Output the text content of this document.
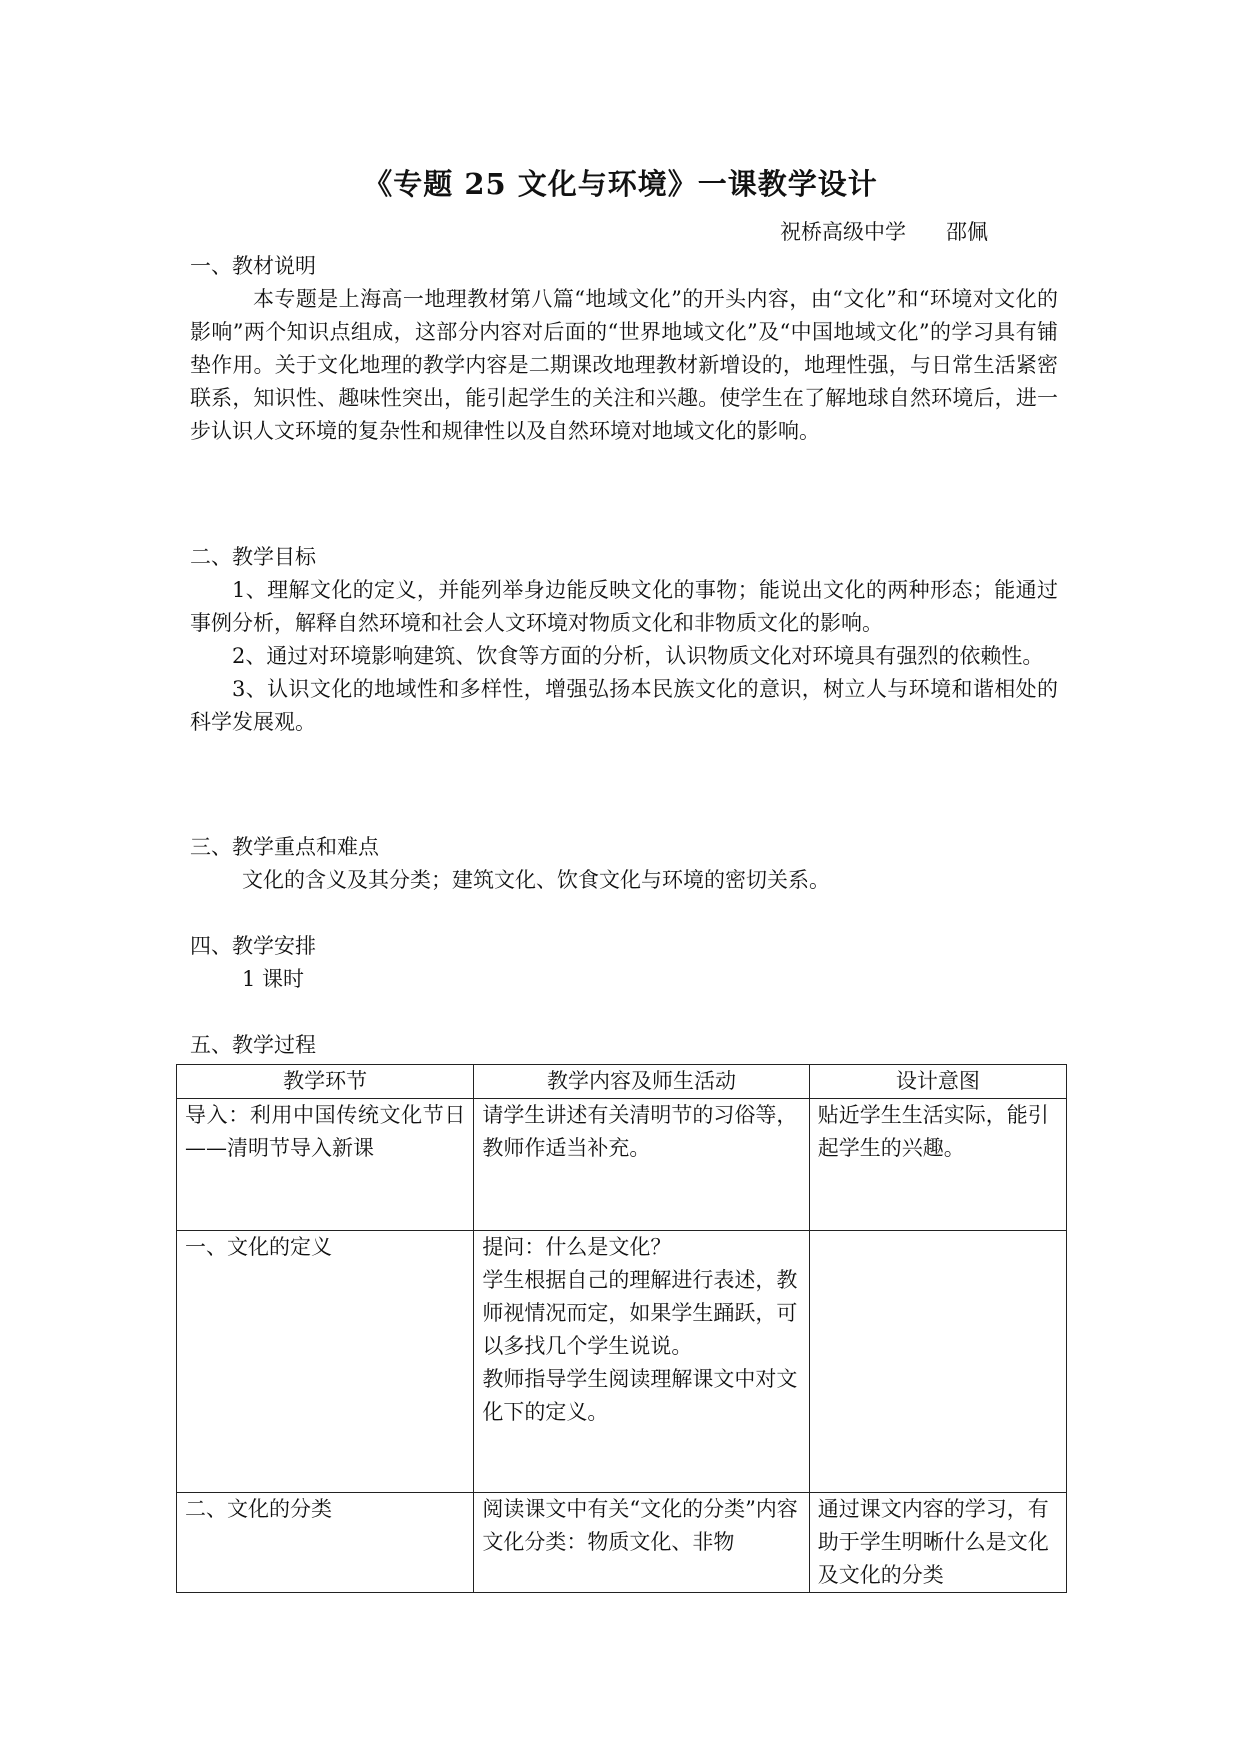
《专题 25 文化与环境》一课教学设计
祝桥高级中学      邵佩
一、教材说明

本专题是上海高一地理教材第八篇“地域文化”的开头内容，由“文化”和“环境对文化的影响”两个知识点组成，这部分内容对后面的“世界地域文化”及“中国地域文化”的学习具有铺垫作用。关于文化地理的教学内容是二期课改地理教材新增设的，地理性强，与日常生活紧密联系，知识性、趣味性突出，能引起学生的关注和兴趣。使学生在了解地球自然环境后，进一步认识人文环境的复杂性和规律性以及自然环境对地域文化的影响。

二、教学目标

1、理解文化的定义，并能列举身边能反映文化的事物；能说出文化的两种形态；能通过事例分析，解释自然环境和社会人文环境对物质文化和非物质文化的影响。

2、通过对环境影响建筑、饮食等方面的分析，认识物质文化对环境具有强烈的依赖性。

3、认识文化的地域性和多样性，增强弘扬本民族文化的意识，树立人与环境和谐相处的科学发展观。

三、教学重点和难点

文化的含义及其分类；建筑文化、饮食文化与环境的密切关系。

四、教学安排

1 课时

五、教学过程
教学环节	教学内容及师生活动	设计意图
导入：利用中国传统文化节日——清明节导入新课	请学生讲述有关清明节的习俗等，教师作适当补充。	贴近学生生活实际，能引起学生的兴趣。
一、文化的定义	提问：什么是文化？
学生根据自己的理解进行表述，教师视情况而定，如果学生踊跃，可以多找几个学生说说。
教师指导学生阅读理解课文中对文化下的定义。	

二、文化的分类	阅读课文中有关“文化的分类”内容
文化分类：物质文化、非物	通过课文内容的学习，有助于学生明晰什么是文化及文化的分类
